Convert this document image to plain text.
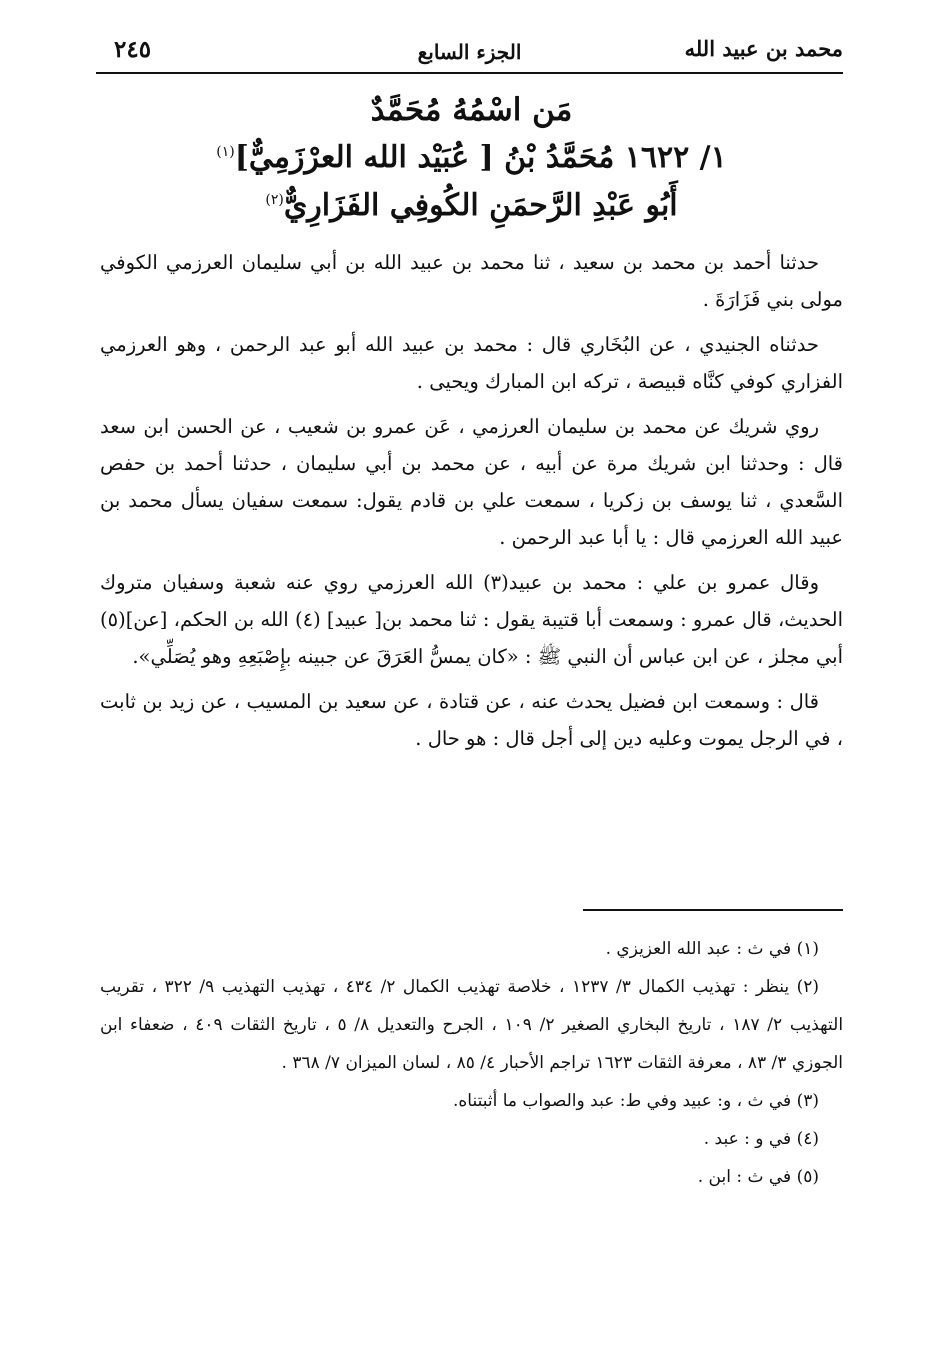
محمد بن عبيد الله
الجزء السابع
٢٤٥
مَن اسْمُهُ مُحَمَّدٌ
١/ ١٦٢٢ مُحَمَّدُ بْنُ [ عُبَيْد الله العرْزَمِيٌّ]$^{(١)}$
أَبُو عَبْدِ الرَّحمَنِ الكُوفِي الفَزَارِيٌّ$^{(٢)}$

حدثنا أحمد بن محمد بن سعيد ، ثنا محمد بن عبيد الله بن أبي سليمان العرزمي الكوفي مولى بني فَزَارَةَ .

حدثناه الجنيدي ، عن البُخَاري قال : محمد بن عبيد الله أبو عبد الرحمن ، وهو العرزمي الفزاري كوفي كنَّاه قبيصة ، تركه ابن المبارك ويحيى .

روي شريك عن محمد بن سليمان العرزمي ، عَن عمرو بن شعيب ، عن الحسن ابن سعد قال : وحدثنا ابن شريك مرة عن أبيه ، عن محمد بن أبي سليمان ، حدثنا أحمد بن حفص السَّعدي ، ثنا يوسف بن زكريا ، سمعت علي بن قادم يقول: سمعت سفيان يسأل محمد بن عبيد الله العرزمي قال : يا أبا عبد الرحمن .

وقال عمرو بن علي : محمد بن عبيد(٣) الله العرزمي روي عنه شعبة وسفيان متروك الحديث، قال عمرو : وسمعت أبا قتيبة يقول : ثنا محمد بن[ عبيد] (٤) الله بن الحكم، [عن](٥) أبي مجلز ، عن ابن عباس أن النبي ﷺ : «كان يمسُّ العَرَقَ عن جبينه بإِصْبَعِهِ وهو يُصَلِّي».

قال : وسمعت ابن فضيل يحدث عنه ، عن قتادة ، عن سعيد بن المسيب ، عن زيد بن ثابت ، في الرجل يموت وعليه دين إلى أجل قال : هو حال .

(١) في ث : عبد الله العزيزي .

(٢) ينظر : تهذيب الكمال ٣/ ١٢٣٧ ، خلاصة تهذيب الكمال ٢/ ٤٣٤ ، تهذيب التهذيب ٩/ ٣٢٢ ، تقريب التهذيب ٢/ ١٨٧ ، تاريخ البخاري الصغير ٢/ ١٠٩ ، الجرح والتعديل ٨/ ٥ ، تاريخ الثقات ٤٠٩ ، ضعفاء ابن الجوزي ٣/ ٨٣ ، معرفة الثقات ١٦٢٣ تراجم الأحبار ٤/ ٨٥ ، لسان الميزان ٧/ ٣٦٨ .

(٣) في ث ، و: عبيد وفي ط: عبد والصواب ما أثبتناه.

(٤) في و : عبد .

(٥) في ث : ابن .
